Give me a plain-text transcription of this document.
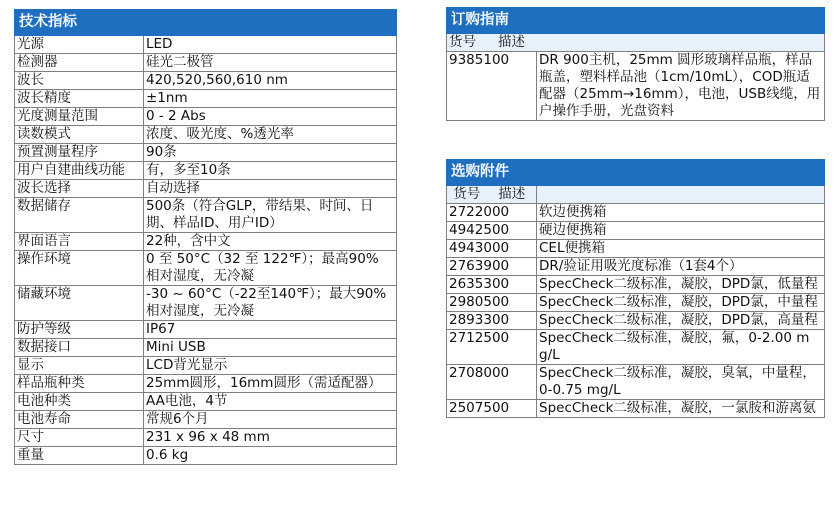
技术指标	
光源	LED
检测器	硅光二极管
波长	420,520,560,610 nm
波长精度	±1nm
光度测量范围	0 - 2 Abs
读数模式	浓度、吸光度、%透光率
预置测量程序	90条
用户自建曲线功能	有，多至10条
波长选择	自动选择
数据储存	500条（符合GLP，带结果、时间、日期、样品ID、用户ID）
界面语言	22种，含中文
操作环境	0 至 50°C（32 至 122℉）；最高90% 相对湿度，无冷凝
储藏环境	-30 ~ 60°C（-22至140℉）；最大90%相对湿度，无冷凝
防护等级	IP67
数据接口	Mini USB
显示	LCD背光显示
样品瓶种类	25mm圆形，16mm圆形（需适配器）
电池种类	AA电池，4节
电池寿命	常规6个月
尺寸	231 x 96 x 48 mm
重量	0.6 kg
订购指南
货号 描述
9385100	DR 900主机，25mm 圆形玻璃样品瓶，样品瓶盖，塑料样品池（1cm/10mL），COD瓶适配器（25mm→16mm），电池，USB线缆，用户操作手册，光盘资料
选购附件	
货号 描述	
2722000	软边便携箱
4942500	硬边便携箱
4943000	CEL便携箱
2763900	DR/验证用吸光度标准（1套4个）
2635300	SpecCheck二级标准，凝胶，DPD氯，低量程
2980500	SpecCheck二级标准，凝胶，DPD氯，中量程
2893300	SpecCheck二级标准，凝胶，DPD氯，高量程
2712500	SpecCheck二级标准，凝胶，氟，0-2.00 mg/L
2708000	SpecCheck二级标准，凝胶，臭氧，中量程，0-0.75 mg/L
2507500	SpecCheck二级标准，凝胶，一氯胺和游离氨
